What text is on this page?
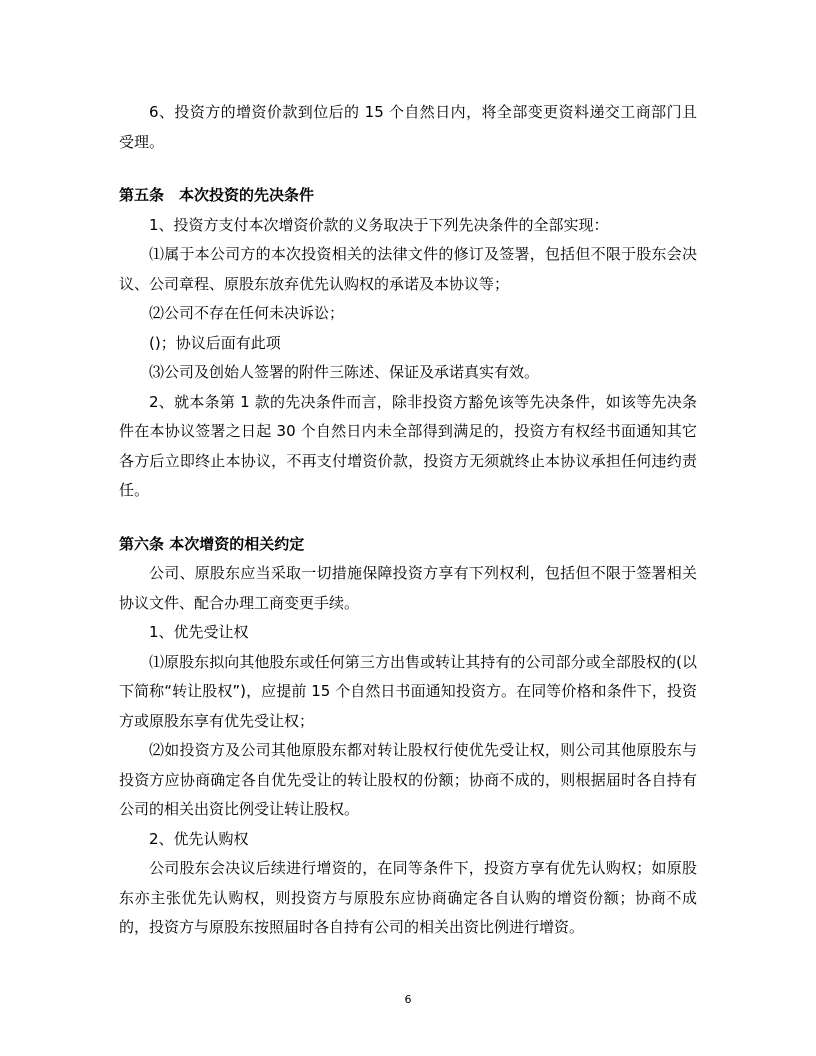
6、投资方的增资价款到位后的 15 个自然日内，将全部变更资料递交工商部门且受理。

第五条　本次投资的先决条件

1、投资方支付本次增资价款的义务取决于下列先决条件的全部实现：

⑴属于本公司方的本次投资相关的法律文件的修订及签署，包括但不限于股东会决议、公司章程、原股东放弃优先认购权的承诺及本协议等；

⑵公司不存在任何未决诉讼；

()；协议后面有此项

⑶公司及创始人签署的附件三陈述、保证及承诺真实有效。

2、就本条第 1 款的先决条件而言，除非投资方豁免该等先决条件，如该等先决条件在本协议签署之日起 30 个自然日内未全部得到满足的，投资方有权经书面通知其它各方后立即终止本协议，不再支付增资价款，投资方无须就终止本协议承担任何违约责任。

第六条 本次增资的相关约定

公司、原股东应当采取一切措施保障投资方享有下列权利，包括但不限于签署相关协议文件、配合办理工商变更手续。

1、优先受让权

⑴原股东拟向其他股东或任何第三方出售或转让其持有的公司部分或全部股权的(以下简称“转让股权”)，应提前 15 个自然日书面通知投资方。在同等价格和条件下，投资方或原股东享有优先受让权；

⑵如投资方及公司其他原股东都对转让股权行使优先受让权，则公司其他原股东与投资方应协商确定各自优先受让的转让股权的份额；协商不成的，则根据届时各自持有公司的相关出资比例受让转让股权。

2、优先认购权

公司股东会决议后续进行增资的，在同等条件下，投资方享有优先认购权；如原股东亦主张优先认购权，则投资方与原股东应协商确定各自认购的增资份额；协商不成的，投资方与原股东按照届时各自持有公司的相关出资比例进行增资。

6
